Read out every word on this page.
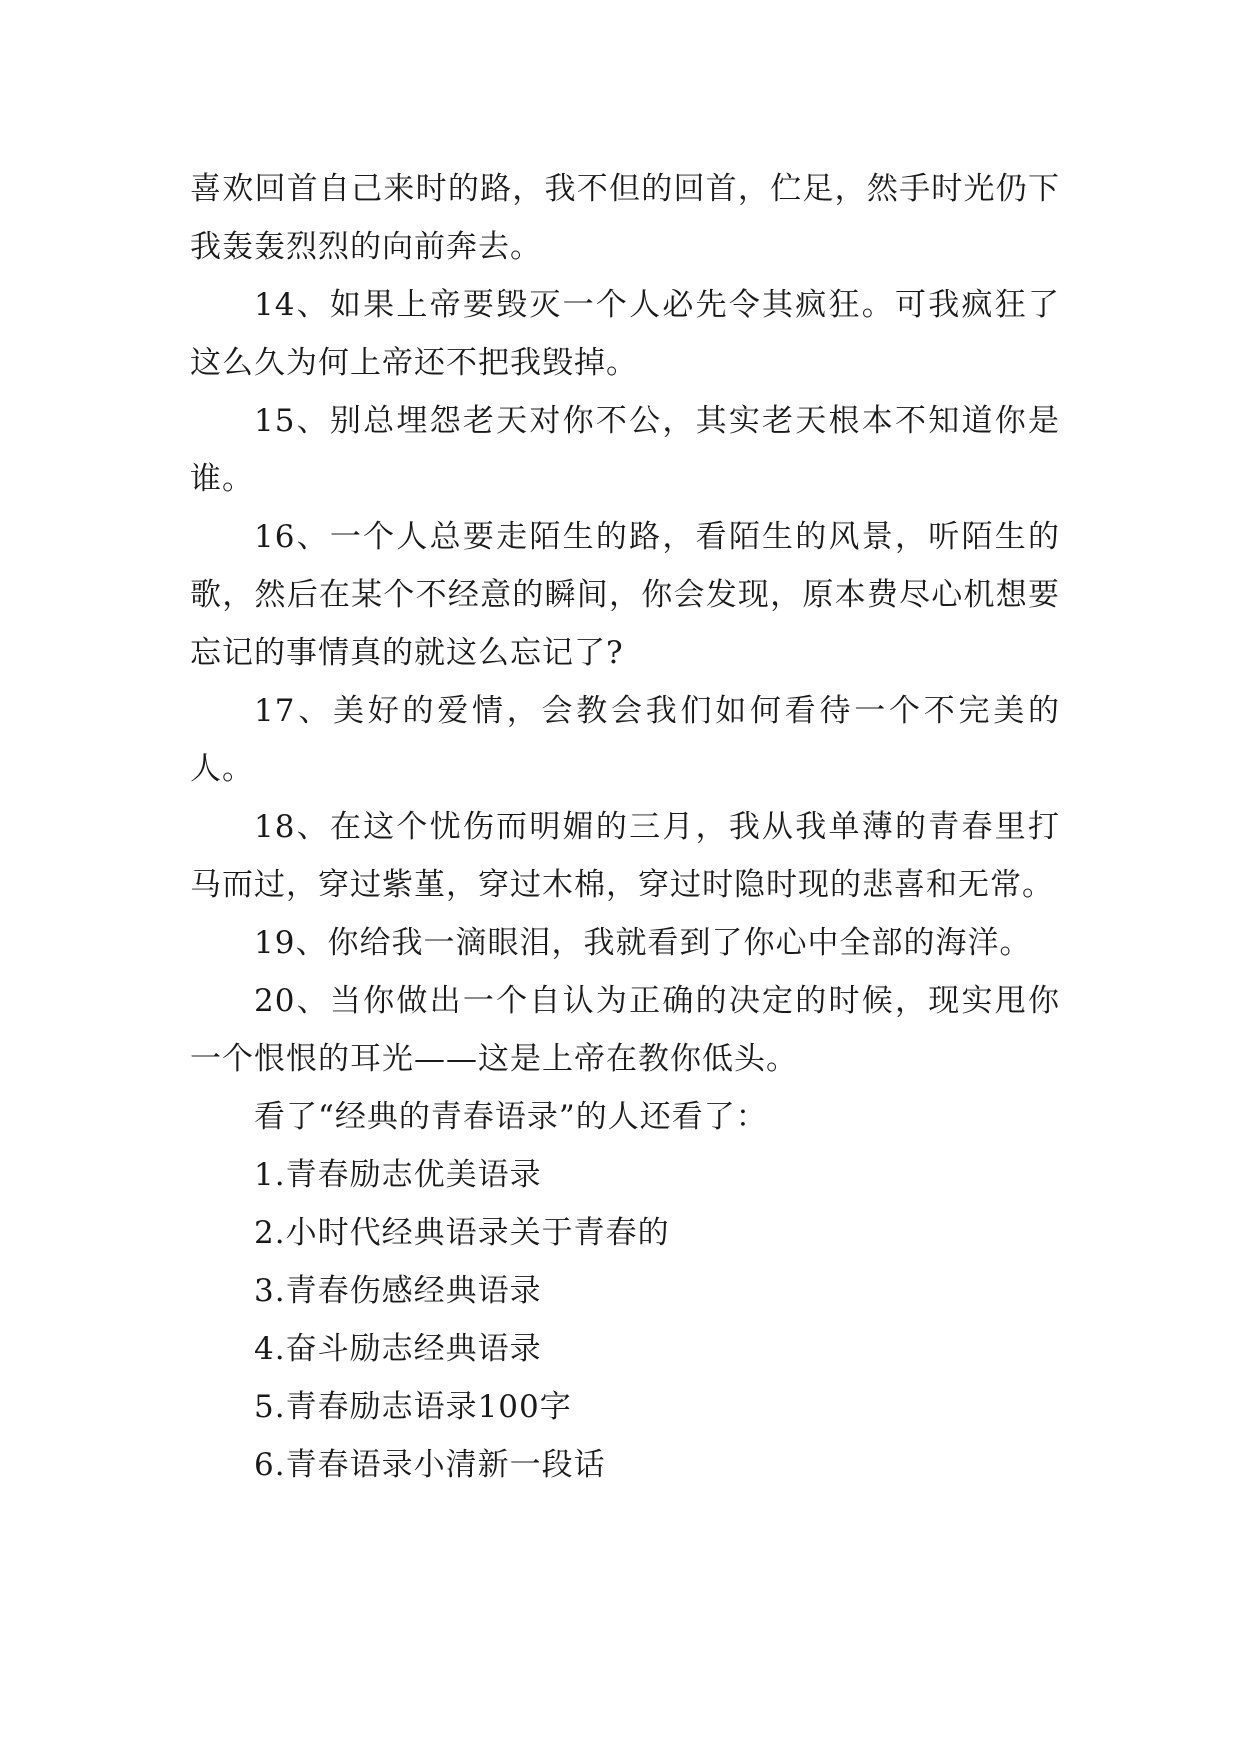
喜欢回首自己来时的路，我不但的回首，伫足，然手时光仍下我轰轰烈烈的向前奔去。

14、如果上帝要毁灭一个人必先令其疯狂。可我疯狂了这么久为何上帝还不把我毁掉。

15、别总埋怨老天对你不公，其实老天根本不知道你是谁。

16、一个人总要走陌生的路，看陌生的风景，听陌生的歌，然后在某个不经意的瞬间，你会发现，原本费尽心机想要忘记的事情真的就这么忘记了?

17、美好的爱情，会教会我们如何看待一个不完美的人。

18、在这个忧伤而明媚的三月，我从我单薄的青春里打马而过，穿过紫堇，穿过木棉，穿过时隐时现的悲喜和无常。

19、你给我一滴眼泪，我就看到了你心中全部的海洋。

20、当你做出一个自认为正确的决定的时候，现实甩你一个恨恨的耳光——这是上帝在教你低头。

看了“经典的青春语录”的人还看了：

1.青春励志优美语录
2.小时代经典语录关于青春的
3.青春伤感经典语录
4.奋斗励志经典语录
5.青春励志语录100字
6.青春语录小清新一段话
